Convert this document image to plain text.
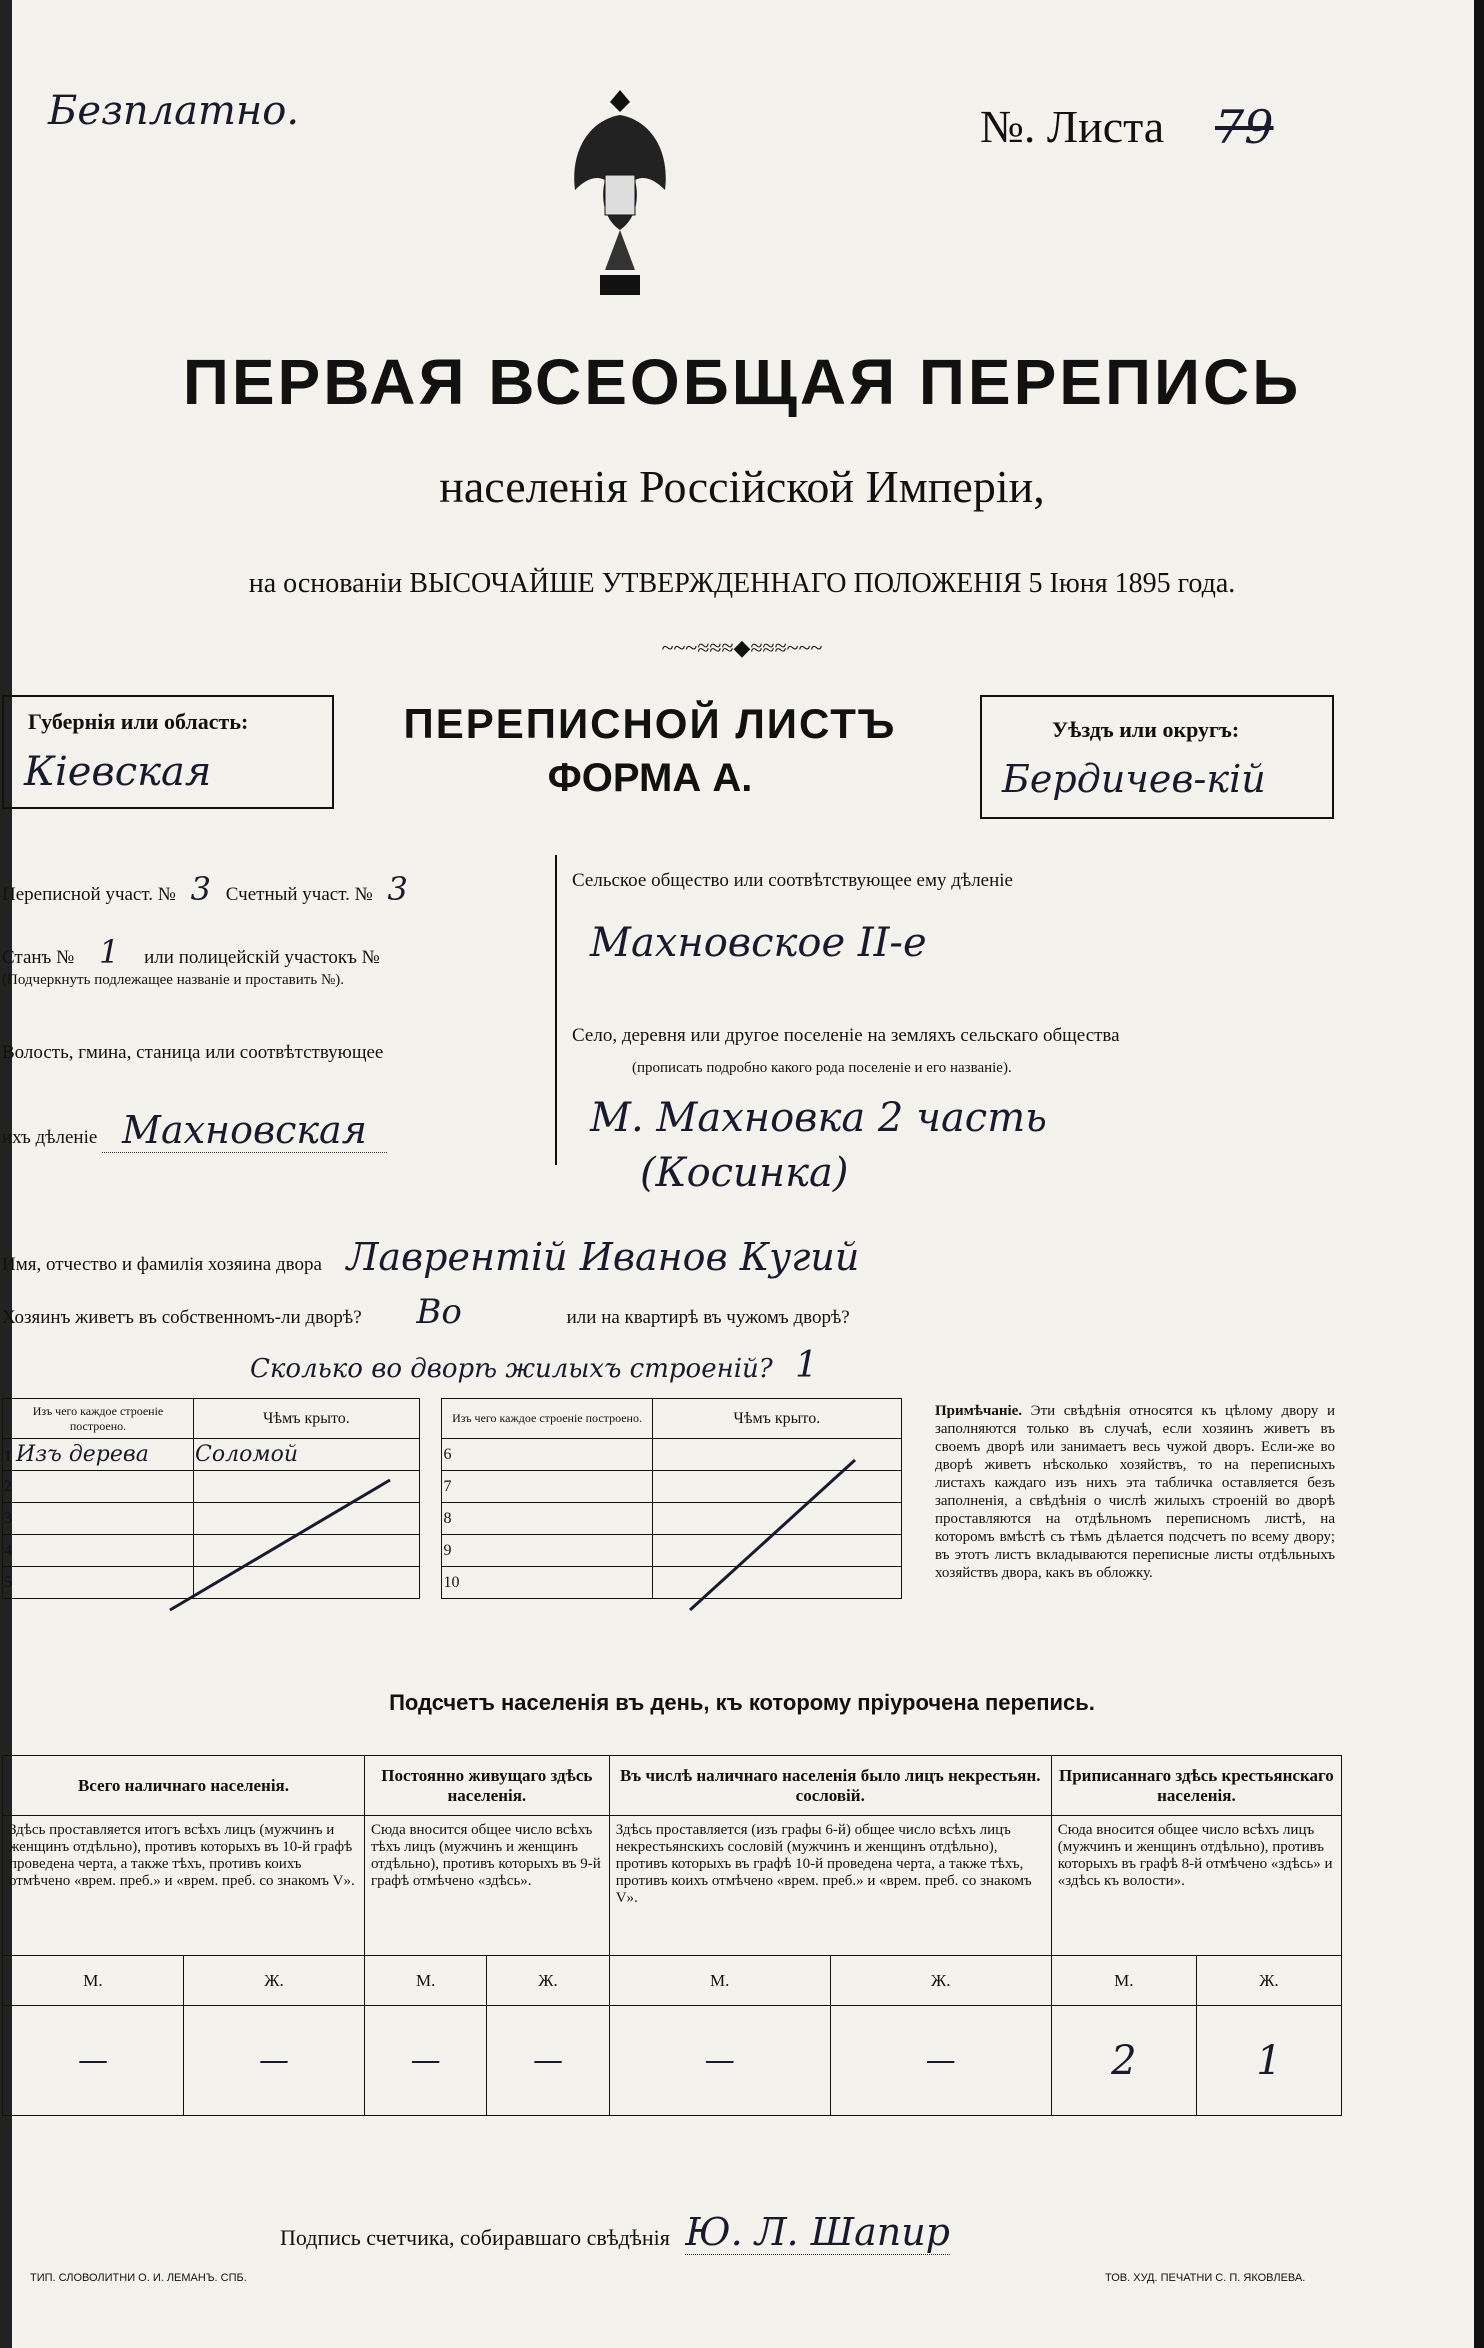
Безплатно.	№. Листа 79
ПЕРВАЯ ВСЕОБЩАЯ ПЕРЕПИСЬ
населенія Россійской Имперіи,
на основаніи ВЫСОЧАЙШЕ УТВЕРЖДЕННАГО ПОЛОЖЕНІЯ 5 Іюня 1895 года.
~~~≈≈≈◆≈≈≈~~~
Губернія или область:
Кіевская
ПЕРЕПИСНОЙ ЛИСТЪ
ФОРМА А.
Уѣздъ или округъ:
Бердичев-кій
Переписной участ. № 3 Счетный участ. № 3
Станъ № 1 или полицейскій участокъ №
(Подчеркнуть подлежащее названіе и проставить №).
Волость, гмина, станица или соотвѣтствующее
ихъ дѣленіе Махновская
Сельское общество или соотвѣтствующее ему дѣленіе
Махновское II-е
Село, деревня или другое поселеніе на земляхъ сельскаго общества
(прописать подробно какого рода поселеніе и его названіе).
М. Махновка 2 часть
(Косинка)
Имя, отчество и фамилія хозяина двора Лаврентій Иванов Кугий
Хозяинъ живетъ въ собственномъ-ли дворѣ? Во	или на квартирѣ въ чужомъ дворѣ?
Сколько во дворѣ жилыхъ строеній? 1
Изъ чего каждое строеніе построено.	Чѣмъ крыто.		Изъ чего каждое строеніе построено.	Чѣмъ крыто.
1 Изъ дерева	Соломой		6	
2			7	
3			8	
4			9	
5			10	
Примѣчаніе. Эти свѣдѣнія относятся къ цѣлому двору и заполняются только въ случаѣ, если хозяинъ живетъ въ своемъ дворѣ или занимаетъ весь чужой дворъ. Если-же во дворѣ живетъ нѣсколько хозяйствъ, то на переписныхъ листахъ каждаго изъ нихъ эта табличка оставляется безъ заполненія, а свѣдѣнія о числѣ жилыхъ строеній во дворѣ проставляются на отдѣльномъ переписномъ листѣ, на которомъ вмѣстѣ съ тѣмъ дѣлается подсчетъ по всему двору; въ этотъ листъ вкладываются переписные листы отдѣльныхъ хозяйствъ двора, какъ въ обложку.
Подсчетъ населенія въ день, къ которому пріурочена перепись.
Всего наличнаго населенія.		Постоянно живущаго здѣсь населенія.		Въ числѣ наличнаго населенія было лицъ некрестьян. сословій.		Приписаннаго здѣсь крестьянскаго населенія.	
Здѣсь проставляется итогъ всѣхъ лицъ (мужчинъ и женщинъ отдѣльно), противъ которыхъ въ 10-й графѣ проведена черта, а также тѣхъ, противъ коихъ отмѣчено «врем. преб.» и «врем. преб. со знакомъ V».		Сюда вносится общее число всѣхъ тѣхъ лицъ (мужчинъ и женщинъ отдѣльно), противъ которыхъ въ 9-й графѣ отмѣчено «здѣсь».		Здѣсь проставляется (изъ графы 6-й) общее число всѣхъ лицъ некрестьянскихъ сословій (мужчинъ и женщинъ отдѣльно), противъ которыхъ въ графѣ 10-й проведена черта, а также тѣхъ, противъ коихъ отмѣчено «врем. преб.» и «врем. преб. со знакомъ V».		Сюда вносится общее число всѣхъ лицъ (мужчинъ и женщинъ отдѣльно), противъ которыхъ въ графѣ 8-й отмѣчено «здѣсь» и «здѣсь къ волости».	
М.	Ж.	М.	Ж.	М.	Ж.	М.	Ж.
—	—	—	—	—	—	2	1
Подпись счетчика, собиравшаго свѣдѣнія Ю. Л. Шапир
ТИП. СЛОВОЛИТНИ О. И. ЛЕМАНЪ. СПБ.	ТОВ. ХУД. ПЕЧАТНИ С. П. ЯКОВЛЕВА.
